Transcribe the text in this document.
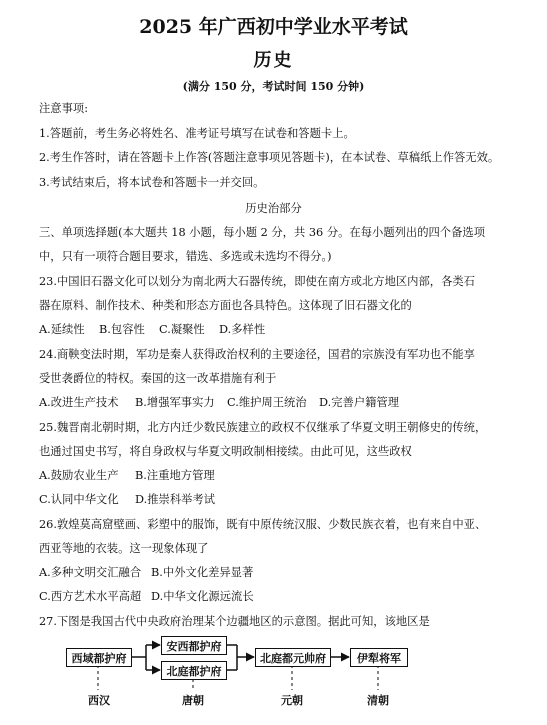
2025 年广西初中学业水平考试
历史
(满分 150 分，考试时间 150 分钟)
注意事项:
1.答题前，考生务必将姓名、准考证号填写在试卷和答题卡上。
2.考生作答时，请在答题卡上作答(答题注意事项见答题卡)，在本试卷、草稿纸上作答无效。
3.考试结束后，将本试卷和答题卡一并交回。
历史治部分
三、单项选择题(本大题共 18 小题，每小题 2 分，共 36 分。在每小题列出的四个备选项
中，只有一项符合题目要求，错选、多选或未选均不得分。)
23.中国旧石器文化可以划分为南北两大石器传统，即使在南方或北方地区内部，各类石
器在原料、制作技术、种类和形态方面也各具特色。这体现了旧石器文化的
A.延续性 B.包容性 C.凝聚性 D.多样性
24.商鞅变法时期，军功是秦人获得政治权利的主要途径，国君的宗族没有军功也不能享
受世袭爵位的特权。秦国的这一改革措施有利于
A.改进生产技术 B.增强军事实力 C.维护周王统治 D.完善户籍管理
25.魏晋南北朝时期，北方内迁少数民族建立的政权不仅继承了华夏文明王朝修史的传统，
也通过国史书写，将自身政权与华夏文明政制相接续。由此可见，这些政权
A.鼓励农业生产 B.注重地方管理
C.认同中华文化 D.推崇科举考试
26.敦煌莫高窟壁画、彩塑中的服饰，既有中原传统汉服、少数民族衣着，也有来自中亚、
西亚等地的衣装。这一现象体现了
A.多种文明交汇融合 B.中外文化差异显著
C.西方艺术水平高超 D.中华文化源远流长
27.下图是我国古代中央政府治理某个边疆地区的示意图。据此可知，该地区是
西域都护府
安西都护府
北庭都护府
北庭都元帅府	伊犁将军
西汉	唐朝	元朝	清朝
